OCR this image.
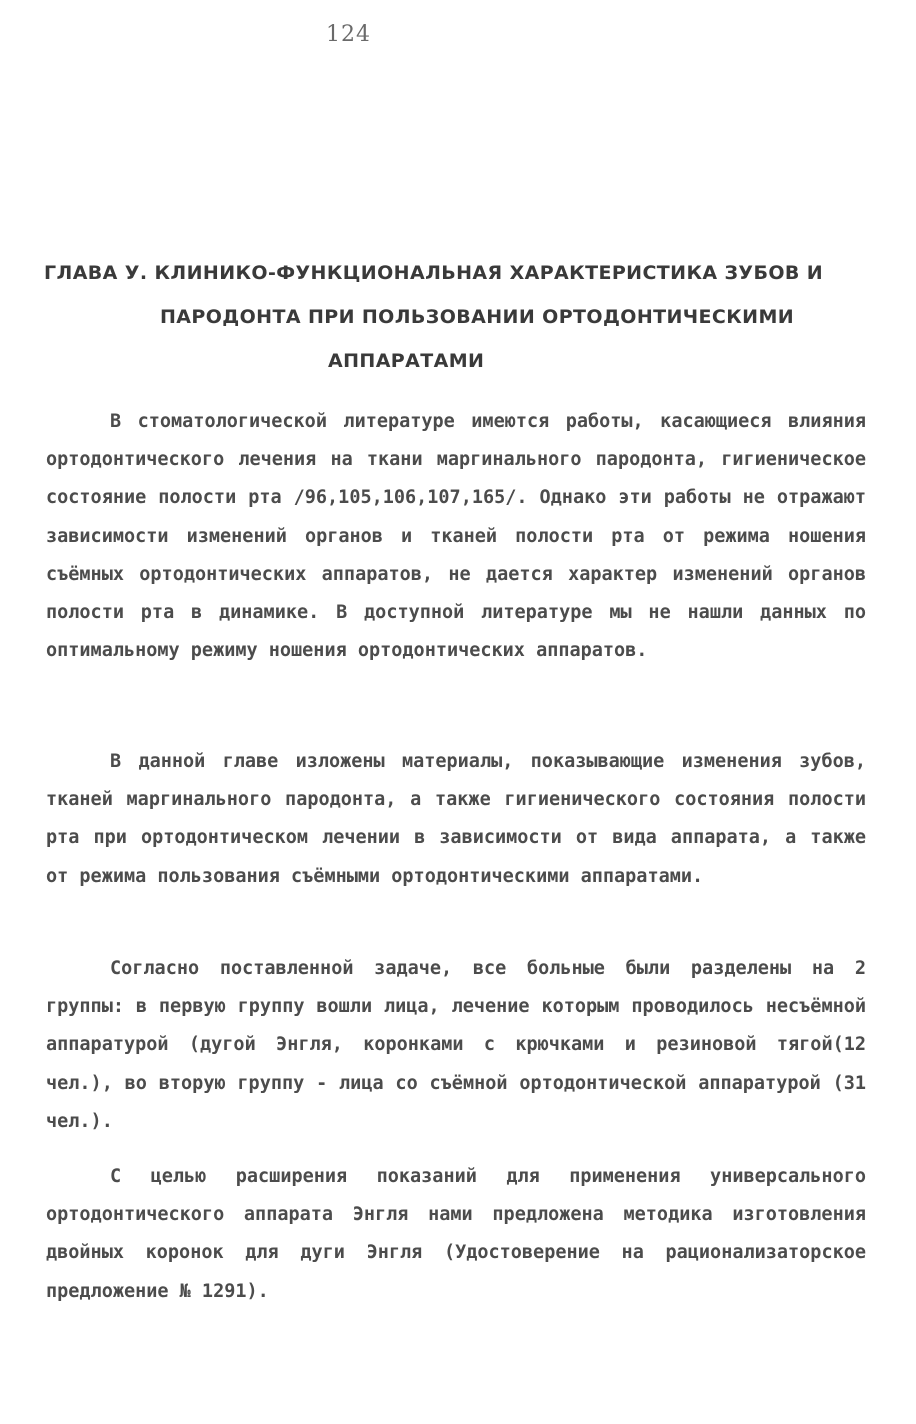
124
ГЛАВА У. КЛИНИКО-ФУНКЦИОНАЛЬНАЯ ХАРАКТЕРИСТИКА ЗУБОВ И
ПАРОДОНТА ПРИ ПОЛЬЗОВАНИИ ОРТОДОНТИЧЕСКИМИ
АППАРАТАМИ

В стоматологической литературе имеются работы, касающиеся влияния ортодонтического лечения на ткани маргинального пародонта, гигиеническое состояние полости рта /96,105,106,107,165/. Однако эти работы не отражают зависимости изменений органов и тканей полости рта от режима ношения съёмных ортодонтических аппаратов, не дается характер изменений органов полости рта в динамике. В доступной литературе мы не нашли данных по оптимальному режиму ношения ортодонтических аппаратов.

В данной главе изложены материалы, показывающие изменения зубов, тканей маргинального пародонта, а также гигиенического состояния полости рта при ортодонтическом лечении в зависимости от вида аппарата, а также от режима пользования съёмными ортодонтическими аппаратами.

Согласно поставленной задаче, все больные были разделены на 2 группы: в первую группу вошли лица, лечение которым проводилось несъёмной аппаратурой (дугой Энгля, коронками с крючками и резиновой тягой(12 чел.), во вторую группу - лица со съёмной ортодонтической аппаратурой (31 чел.).

С целью расширения показаний для применения универсального ортодонтического аппарата Энгля нами предложена методика изготовления двойных коронок для дуги Энгля (Удостоверение на рационализаторское предложение № 1291).
